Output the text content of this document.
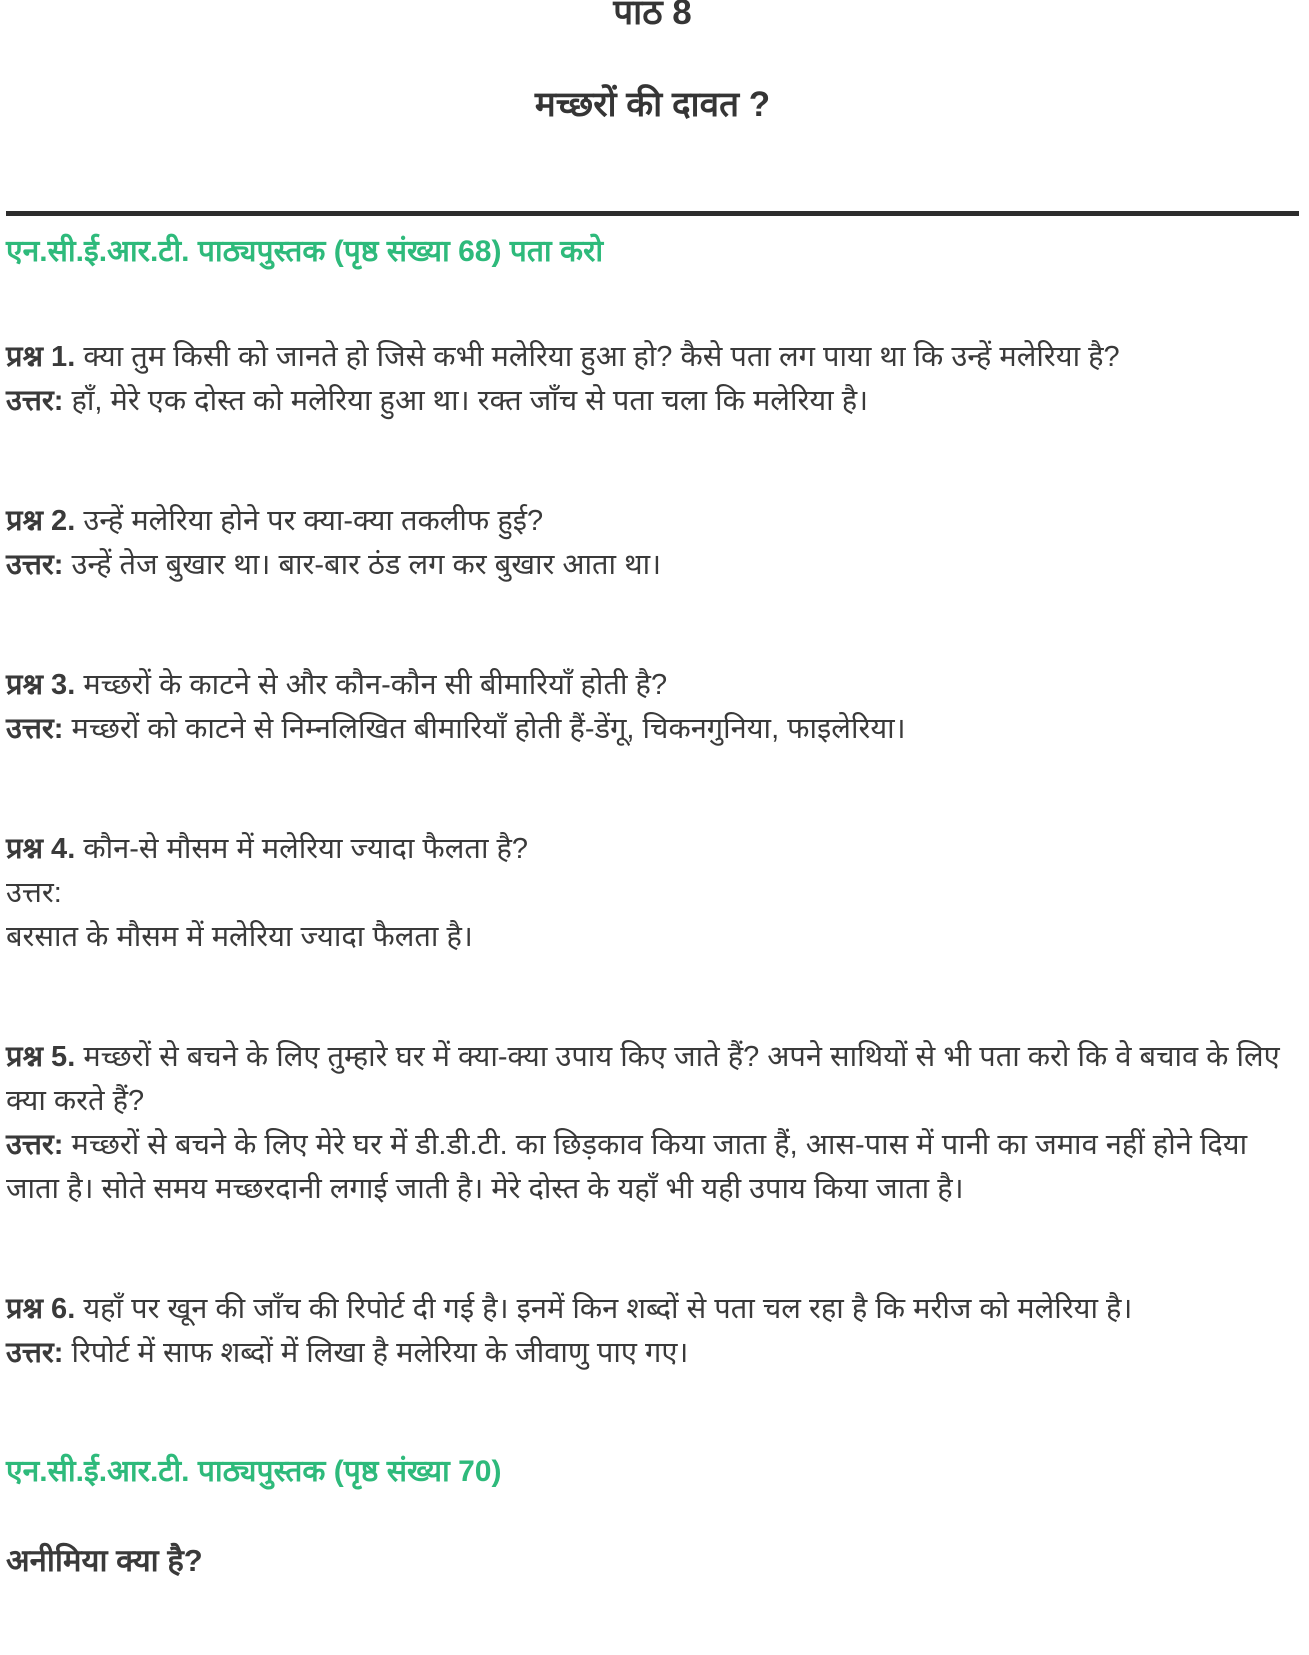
पाठ 8
मच्छरों की दावत ?
एन.सी.ई.आर.टी. पाठ्यपुस्तक (पृष्ठ संख्या 68) पता करो

प्रश्न 1. क्या तुम किसी को जानते हो जिसे कभी मलेरिया हुआ हो? कैसे पता लग पाया था कि उन्हें मलेरिया है?
उत्तर: हाँ, मेरे एक दोस्त को मलेरिया हुआ था। रक्त जाँच से पता चला कि मलेरिया है।

प्रश्न 2. उन्हें मलेरिया होने पर क्या-क्या तकलीफ हुई?
उत्तर: उन्हें तेज बुखार था। बार-बार ठंड लग कर बुखार आता था।

प्रश्न 3. मच्छरों के काटने से और कौन-कौन सी बीमारियाँ होती है?
उत्तर: मच्छरों को काटने से निम्नलिखित बीमारियाँ होती हैं-डेंगू, चिकनगुनिया, फाइलेरिया।

प्रश्न 4. कौन-से मौसम में मलेरिया ज्यादा फैलता है?
उत्तर:
बरसात के मौसम में मलेरिया ज्यादा फैलता है।

प्रश्न 5. मच्छरों से बचने के लिए तुम्हारे घर में क्या-क्या उपाय किए जाते हैं? अपने साथियों से भी पता करो कि वे बचाव के लिए क्या करते हैं?
उत्तर: मच्छरों से बचने के लिए मेरे घर में डी.डी.टी. का छिड़काव किया जाता हैं, आस-पास में पानी का जमाव नहीं होने दिया जाता है। सोते समय मच्छरदानी लगाई जाती है। मेरे दोस्त के यहाँ भी यही उपाय किया जाता है।

प्रश्न 6. यहाँ पर खून की जाँच की रिपोर्ट दी गई है। इनमें किन शब्दों से पता चल रहा है कि मरीज को मलेरिया है।
उत्तर: रिपोर्ट में साफ शब्दों में लिखा है मलेरिया के जीवाणु पाए गए।

एन.सी.ई.आर.टी. पाठ्यपुस्तक (पृष्ठ संख्या 70)
अनीमिया क्या है?
